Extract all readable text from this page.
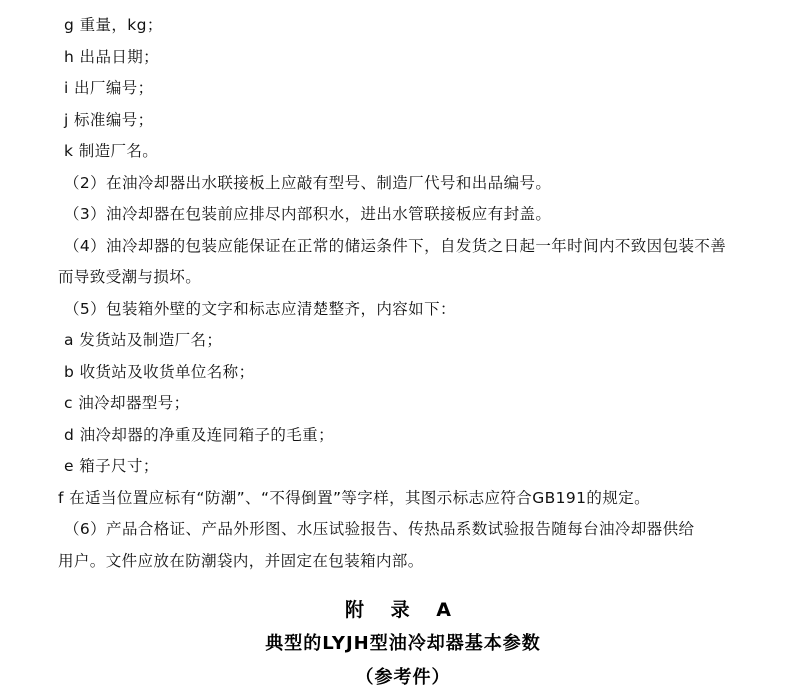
g 重量，kg；
h 出品日期；
i 出厂编号；
j 标准编号；
k 制造厂名。
（2）在油冷却器出水联接板上应敲有型号、制造厂代号和出品编号。
（3）油冷却器在包装前应排尽内部积水，进出水管联接板应有封盖。
（4）油冷却器的包装应能保证在正常的储运条件下，自发货之日起一年时间内不致因包装不善
而导致受潮与损坏。
（5）包装箱外壁的文字和标志应清楚整齐，内容如下：
a 发货站及制造厂名；
b 收货站及收货单位名称；
c 油冷却器型号；
d 油冷却器的净重及连同箱子的毛重；
e 箱子尺寸；
f 在适当位置应标有“防潮”、“不得倒置”等字样，其图示标志应符合GB191的规定。
（6）产品合格证、产品外形图、水压试验报告、传热品系数试验报告随每台油冷却器供给
用户。文件应放在防潮袋内，并固定在包装箱内部。
附 录 A
典型的LYJH型油冷却器基本参数
（参考件）
